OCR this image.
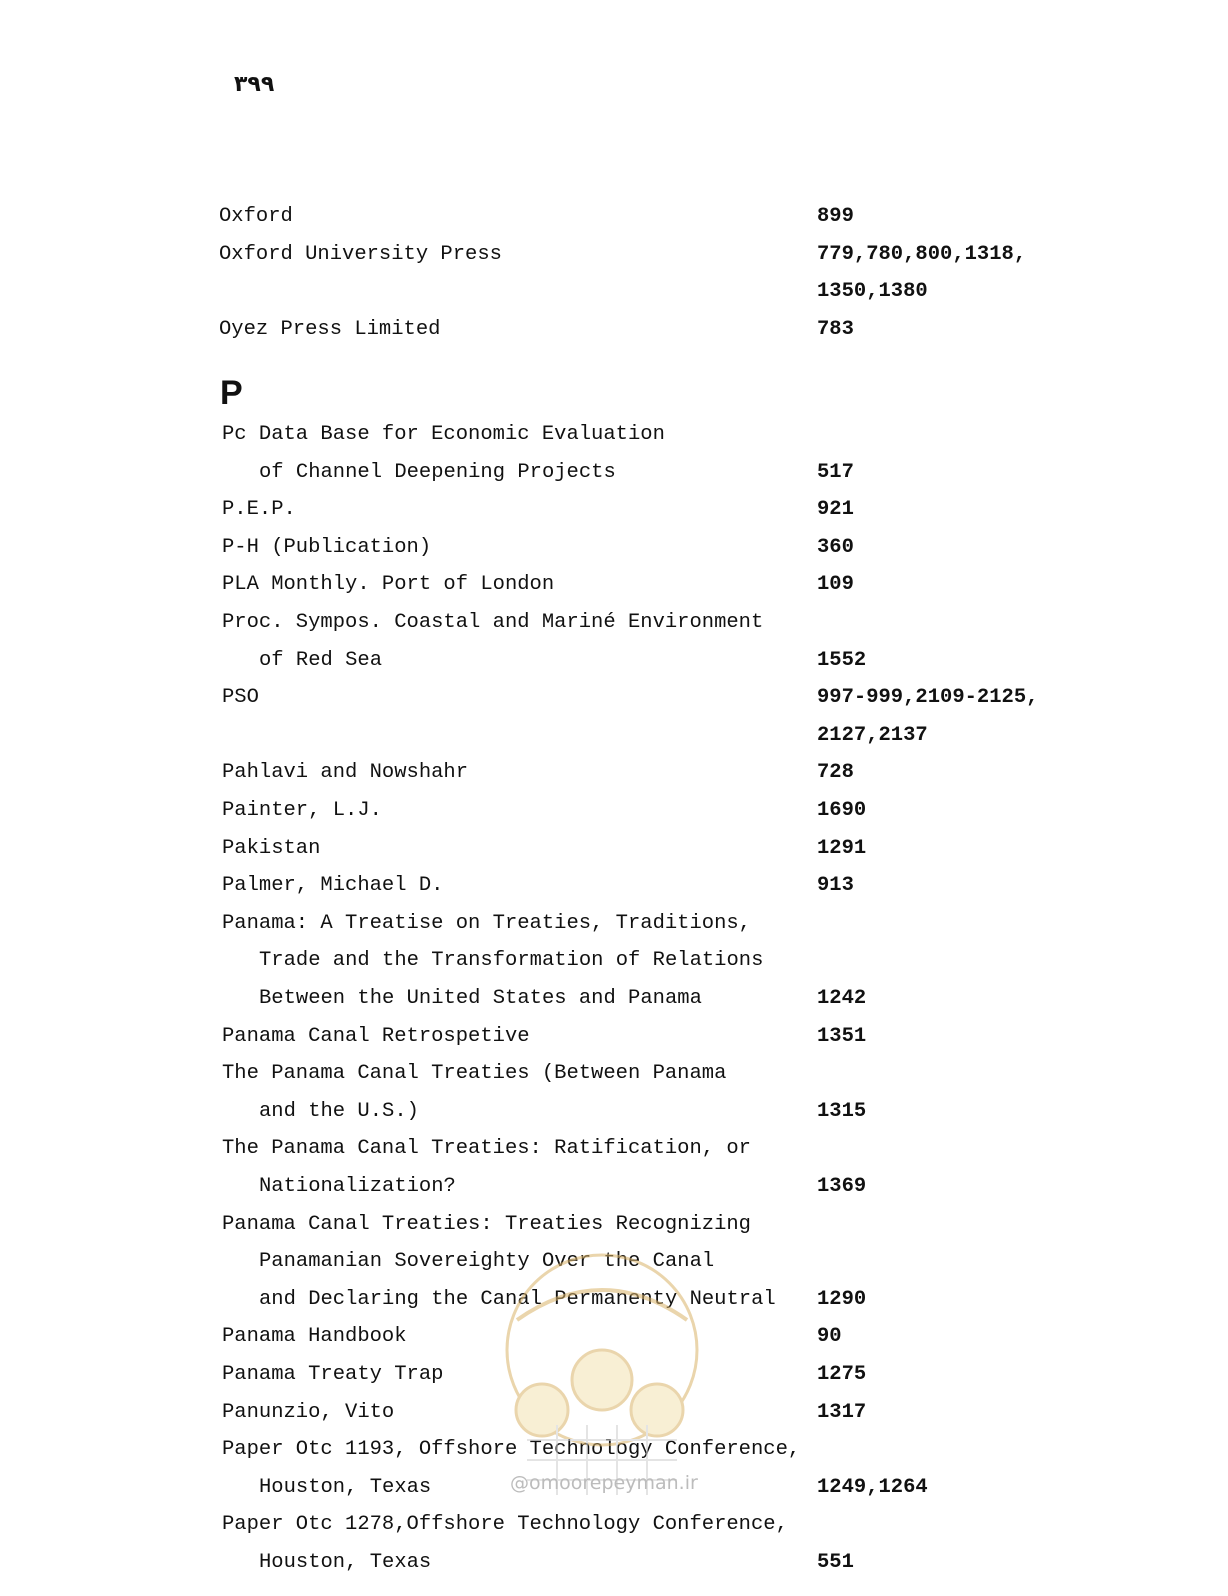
۳۹۹
Oxford	899
Oxford University Press	779,780,800,1318,
1350,1380
Oyez Press Limited	783
P
Pc Data Base for Economic Evaluation
of Channel Deepening Projects	517
P.E.P.	921
P-H (Publication)	360
PLA Monthly. Port of London	109
Proc. Sympos. Coastal and Mariné Environment
of Red Sea	1552
PSO	997-999,2109-2125,
2127,2137
Pahlavi and Nowshahr	728
Painter, L.J.	1690
Pakistan	1291
Palmer, Michael D.	913
Panama: A Treatise on Treaties, Traditions,
Trade and the Transformation of Relations
Between the United States and Panama	1242
Panama Canal Retrospetive	1351
The Panama Canal Treaties (Between Panama
and the U.S.)	1315
The Panama Canal Treaties: Ratification, or
Nationalization?	1369
Panama Canal Treaties: Treaties Recognizing
Panamanian Sovereighty Over the Canal
and Declaring the Canal Permanenty Neutral 1290
Panama Handbook	90
Panama Treaty Trap	1275
Panunzio, Vito	1317
Paper Otc 1193, Offshore Technology Conference,
Houston, Texas	1249,1264
Paper Otc 1278,Offshore Technology Conference,
Houston, Texas	551
@omoorepeyman.ir
